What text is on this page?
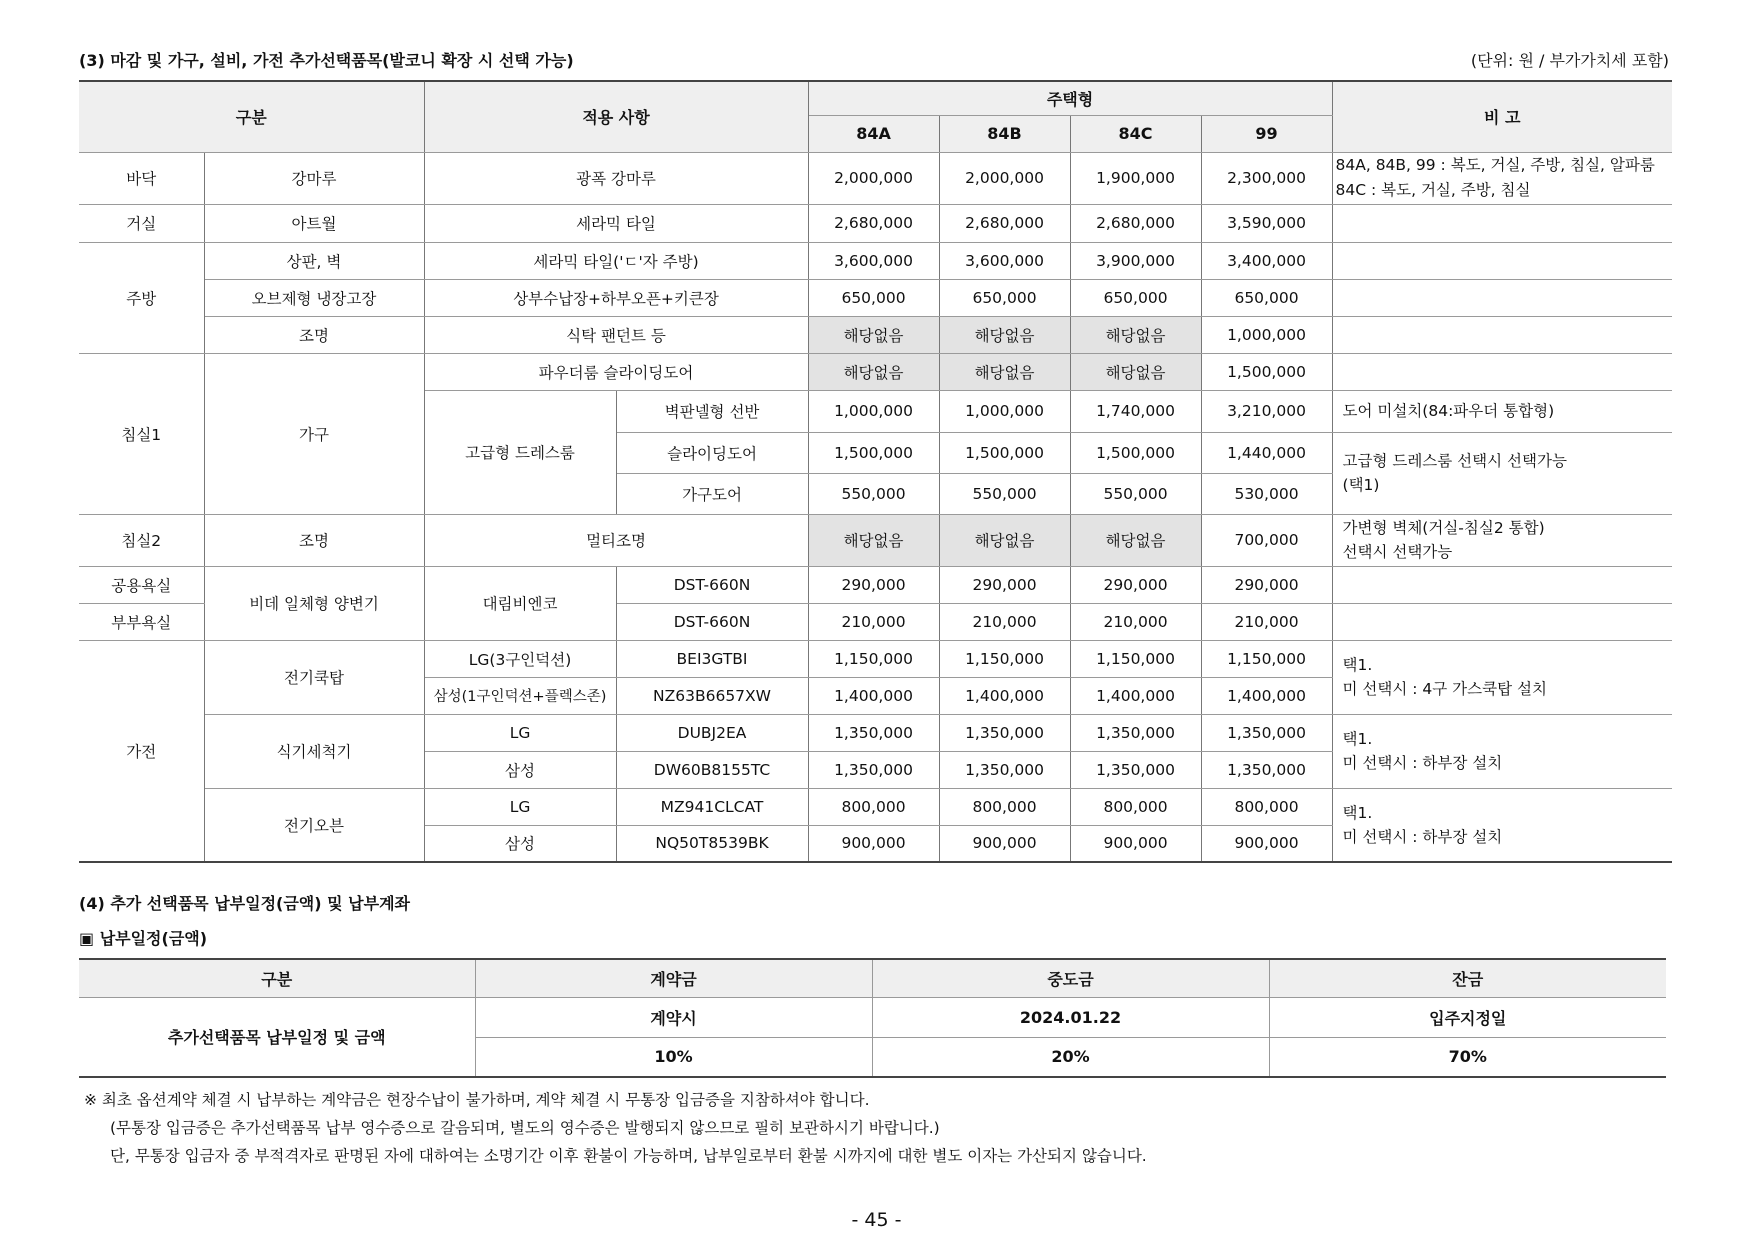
(3) 마감 및 가구, 설비, 가전 추가선택품목(발코니 확장 시 선택 가능)	(단위: 원 / 부가가치세 포함)
구분		적용 사항		주택형				비 고
				84A	84B	84C	99	
바닥	강마루	광폭 강마루		2,000,000	2,000,000	1,900,000	2,300,000	84A, 84B, 99 : 복도, 거실, 주방, 침실, 알파룸
84C : 복도, 거실, 주방, 침실

거실	아트월	세라믹 타일		2,680,000	2,680,000	2,680,000	3,590,000	
주방	상판, 벽	세라믹 타일('ㄷ'자 주방)		3,600,000	3,600,000	3,900,000	3,400,000	
	오브제형 냉장고장	상부수납장+하부오픈+키큰장		650,000	650,000	650,000	650,000	
	조명	식탁 팬던트 등		해당없음	해당없음	해당없음	1,000,000	
침실1	가구	파우더룸 슬라이딩도어		해당없음	해당없음	해당없음	1,500,000	
		고급형 드레스룸	벽판넬형 선반	1,000,000	1,000,000	1,740,000	3,210,000	도어 미설치(84:파우더 통합형)
			슬라이딩도어	1,500,000	1,500,000	1,500,000	1,440,000	고급형 드레스룸 선택시 선택가능
(택1)

			가구도어	550,000	550,000	550,000	530,000	
침실2	조명	멀티조명		해당없음	해당없음	해당없음	700,000	가변형 벽체(거실-침실2 통합)
선택시 선택가능

공용욕실	비데 일체형 양변기	대림비엔코	DST-660N	290,000	290,000	290,000	290,000	
부부욕실			DST-660N	210,000	210,000	210,000	210,000	
가전	전기쿡탑	LG(3구인덕션)	BEI3GTBI	1,150,000	1,150,000	1,150,000	1,150,000	택1.
미 선택시 : 4구 가스쿡탑 설치

		삼성(1구인덕션+플렉스존)	NZ63B6657XW	1,400,000	1,400,000	1,400,000	1,400,000	
	식기세척기	LG	DUBJ2EA	1,350,000	1,350,000	1,350,000	1,350,000	택1.
미 선택시 : 하부장 설치

		삼성	DW60B8155TC	1,350,000	1,350,000	1,350,000	1,350,000	
	전기오븐	LG	MZ941CLCAT	800,000	800,000	800,000	800,000	택1.
미 선택시 : 하부장 설치

		삼성	NQ50T8539BK	900,000	900,000	900,000	900,000	
(4) 추가 선택품목 납부일정(금액) 및 납부계좌
▣ 납부일정(금액)
구분	계약금	중도금	잔금
추가선택품목 납부일정 및 금액	계약시	2024.01.22	입주지정일
	10%	20%	70%
※ 최초 옵션계약 체결 시 납부하는 계약금은 현장수납이 불가하며, 계약 체결 시 무통장 입금증을 지참하셔야 합니다.
(무통장 입금증은 추가선택품목 납부 영수증으로 갈음되며, 별도의 영수증은 발행되지 않으므로 필히 보관하시기 바랍니다.)
단, 무통장 입금자 중 부적격자로 판명된 자에 대하여는 소명기간 이후 환불이 가능하며, 납부일로부터 환불 시까지에 대한 별도 이자는 가산되지 않습니다.
- 45 -
